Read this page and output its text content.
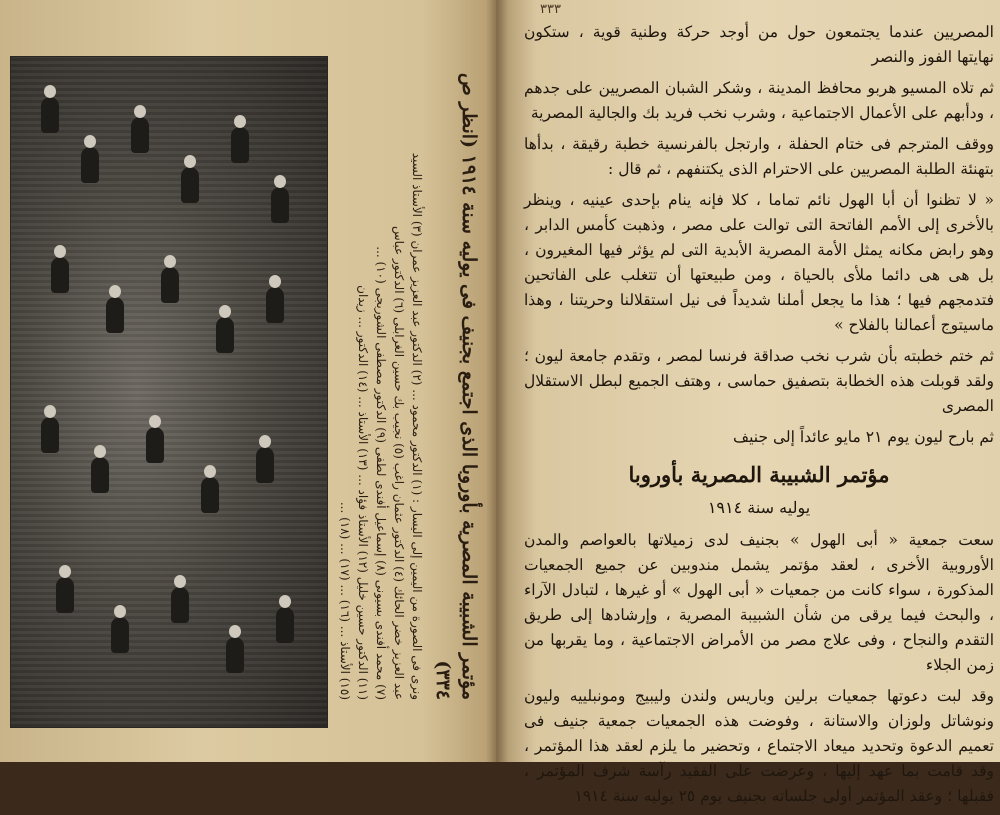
مؤتمر الشبيبة المصرية بأوروبا الذى اجتمع بجنيف فى يوليه سنة ١٩١٤ (انظر ص ٣٣٤)

ونرى فى الصورة من اليمين إلى اليسار : (١) الدكتور محمود ... (٢) الدكتور عبد العزيز عمران (٣) الأستاذ السيد

عبد العزيز خضر الحائك (٤) الدكتور عثمان راغب (٥) نجيب بك حسين الغرابلى (٦) الدكتور عباس

(٧) محمد أفندى بسيونى (٨) إسماعيل أفندى لطفى (٩) الدكتور مصطفى الشوربجى (١٠) ...

(١١) الدكتور حسين خليل (١٢) الأستاذ فؤاد ... (١٣) الأستاذ ... (١٤) الدكتور ... زيدان

(١٥) الأستاذ ... (١٦) ... (١٧) ... (١٨) ...

٣٣٣

المصريين عندما يجتمعون حول من أوجد حركة وطنية قوية ، ستكون نهايتها الفوز والنصر

ثم تلاه المسيو هربو محافظ المدينة ، وشكر الشبان المصريين على جدهم ، ودأبهم على الأعمال الاجتماعية ، وشرب نخب فريد بك والجالية المصرية

ووقف المترجم فى ختام الحفلة ، وارتجل بالفرنسية خطبة رقيقة ، بدأها بتهنئة الطلبة المصريين على الاحترام الذى يكتنفهم ، ثم قال :

« لا تظنوا أن أبا الهول نائم تماما ، كلا فإنه ينام بإحدى عينيه ، وينظر بالأخرى إلى الأمم الفاتحة التى توالت على مصر ، وذهبت كأمس الدابر ، وهو رابض مكانه يمثل الأمة المصرية الأبدية التى لم يؤثر فيها المغيرون ، بل هى هى دائما ملأى بالحياة ، ومن طبيعتها أن تتغلب على الفاتحين فتدمجهم فيها ؛ هذا ما يجعل أملنا شديداً فى نيل استقلالنا وحريتنا ، وهذا ماسيتوج أعمالنا بالفلاح »

ثم ختم خطبته بأن شرب نخب صداقة فرنسا لمصر ، وتقدم جامعة ليون ؛ ولقد قوبلت هذه الخطابة بتصفيق حماسى ، وهتف الجميع لبطل الاستقلال المصرى

ثم بارح ليون يوم ٢١ مايو عائداً إلى جنيف

مؤتمر الشبيبة المصرية بأوروبا
يوليه سنة ١٩١٤

سعت جمعية « أبى الهول » بجنيف لدى زميلاتها بالعواصم والمدن الأوروبية الأخرى ، لعقد مؤتمر يشمل مندوبين عن جميع الجمعيات المذكورة ، سواء كانت من جمعيات « أبى الهول » أو غيرها ، لتبادل الآراء ، والبحث فيما يرقى من شأن الشبيبة المصرية ، وإرشادها إلى طريق التقدم والنجاح ، وفى علاج مصر من الأمراض الاجتماعية ، وما يقربها من زمن الجلاء

وقد لبت دعوتها جمعيات برلين وباريس ولندن وليبيج ومونبلييه وليون ونوشاتل ولوزان والاستانة ، وفوضت هذه الجمعيات جمعية جنيف فى تعميم الدعوة وتحديد ميعاد الاجتماع ، وتحضير ما يلزم لعقد هذا المؤتمر ، وقد قامت بما عهد إليها ، وعرضت على الفقيد رآسة شرف المؤتمر ، فقبلها ؛ وعقد المؤتمر أولى جلساته بجنيف يوم ٢٥ يوليه سنة ١٩١٤
